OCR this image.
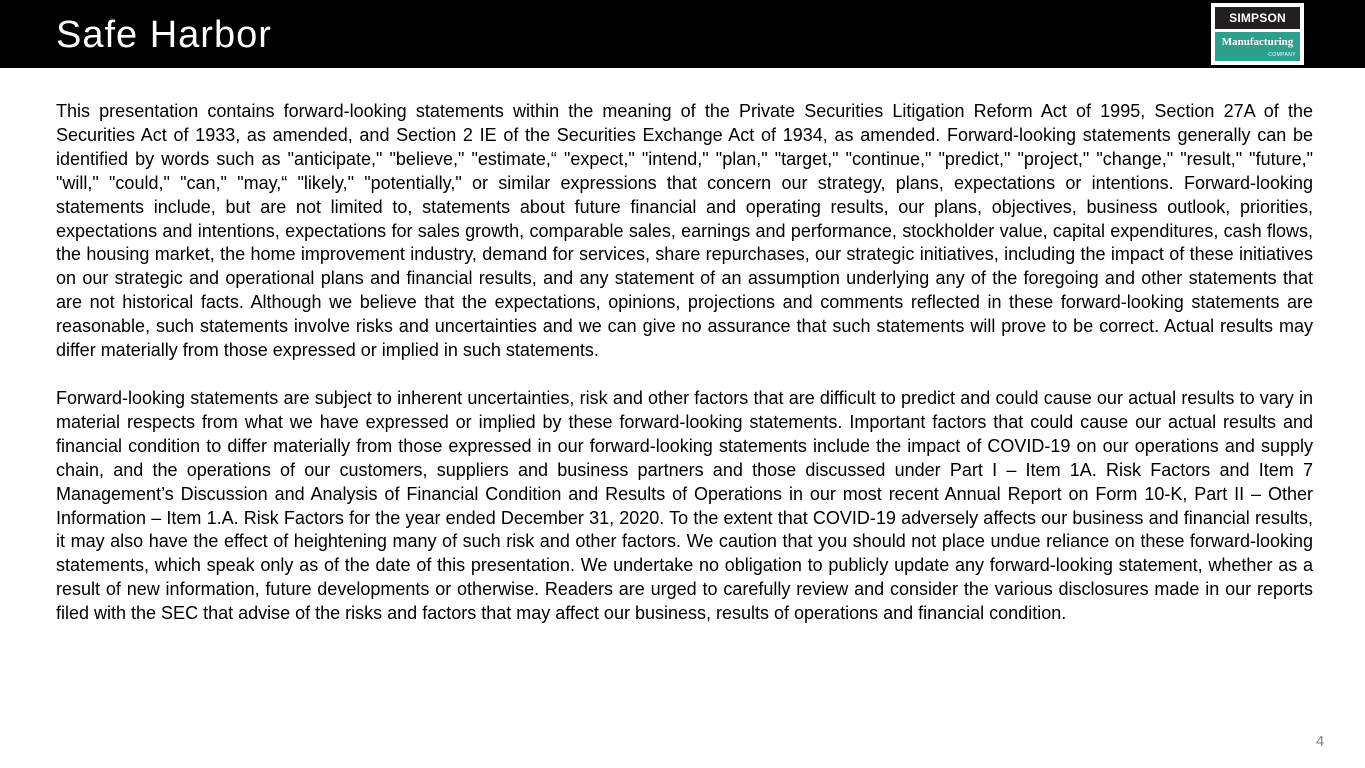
Safe Harbor	SIMPSON
Manufacturing
COMPANY

This presentation contains forward-looking statements within the meaning of the Private Securities Litigation Reform Act of 1995, Section 27A of the Securities Act of 1933, as amended, and Section 2 IE of the Securities Exchange Act of 1934, as amended. Forward-looking statements generally can be identified by words such as "anticipate," "believe," "estimate,“ "expect," "intend," "plan," "target," "continue," "predict," "project," "change," "result," "future," "will," "could," "can," "may,“ "likely," "potentially," or similar expressions that concern our strategy, plans, expectations or intentions. Forward-looking statements include, but are not limited to, statements about future financial and operating results, our plans, objectives, business outlook, priorities, expectations and intentions, expectations for sales growth, comparable sales, earnings and performance, stockholder value, capital expenditures, cash flows, the housing market, the home improvement industry, demand for services, share repurchases, our strategic initiatives, including the impact of these initiatives on our strategic and operational plans and financial results, and any statement of an assumption underlying any of the foregoing and other statements that are not historical facts. Although we believe that the expectations, opinions, projections and comments reflected in these forward-looking statements are reasonable, such statements involve risks and uncertainties and we can give no assurance that such statements will prove to be correct. Actual results may differ materially from those expressed or implied in such statements.

Forward-looking statements are subject to inherent uncertainties, risk and other factors that are difficult to predict and could cause our actual results to vary in material respects from what we have expressed or implied by these forward-looking statements. Important factors that could cause our actual results and financial condition to differ materially from those expressed in our forward-looking statements include the impact of COVID-19 on our operations and supply chain, and the operations of our customers, suppliers and business partners and those discussed under Part I – Item 1A. Risk Factors and Item 7 Management’s Discussion and Analysis of Financial Condition and Results of Operations in our most recent Annual Report on Form 10-K, Part II – Other Information – Item 1.A. Risk Factors for the year ended December 31, 2020. To the extent that COVID-19 adversely affects our business and financial results, it may also have the effect of heightening many of such risk and other factors. We caution that you should not place undue reliance on these forward-looking statements, which speak only as of the date of this presentation. We undertake no obligation to publicly update any forward-looking statement, whether as a result of new information, future developments or otherwise. Readers are urged to carefully review and consider the various disclosures made in our reports filed with the SEC that advise of the risks and factors that may affect our business, results of operations and financial condition.

4
